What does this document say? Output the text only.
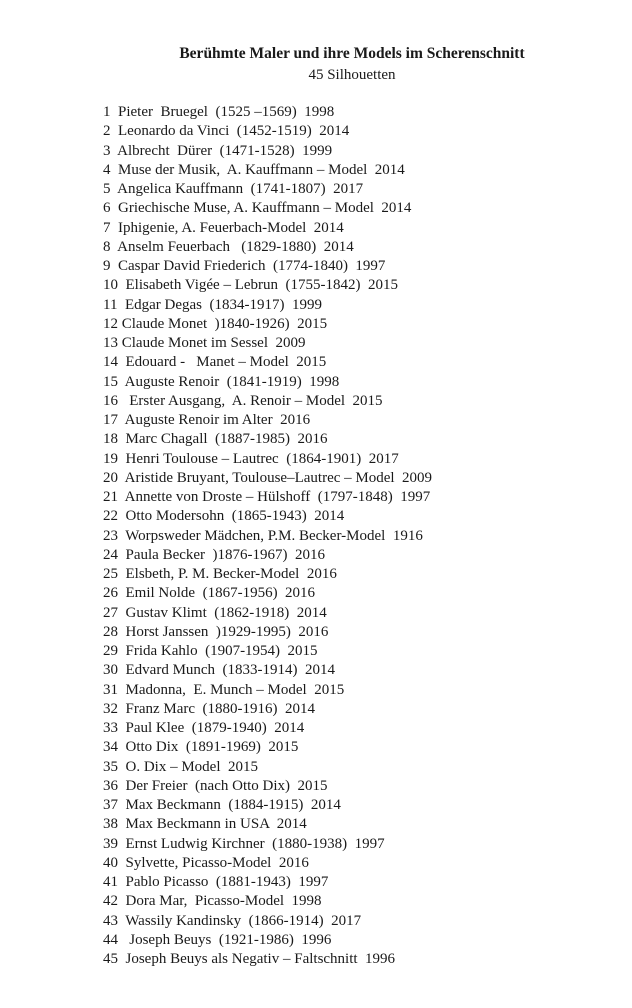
Berühmte Maler und ihre Models im Scherenschnitt
45 Silhouetten
1  Pieter  Bruegel  (1525 –1569)  1998
2  Leonardo da Vinci  (1452-1519)  2014
3  Albrecht  Dürer  (1471-1528)  1999
4  Muse der Musik,  A. Kauffmann – Model  2014
5  Angelica Kauffmann  (1741-1807)  2017
6  Griechische Muse, A. Kauffmann – Model  2014
7  Iphigenie, A. Feuerbach-Model  2014
8  Anselm Feuerbach   (1829-1880)  2014
9  Caspar David Friederich  (1774-1840)  1997
10  Elisabeth Vigée – Lebrun  (1755-1842)  2015
11  Edgar Degas  (1834-1917)  1999
12 Claude Monet  )1840-1926)  2015
13 Claude Monet im Sessel  2009
14  Edouard -   Manet – Model  2015
15  Auguste Renoir  (1841-1919)  1998
16   Erster Ausgang,  A. Renoir – Model  2015
17  Auguste Renoir im Alter  2016
18  Marc Chagall  (1887-1985)  2016
19  Henri Toulouse – Lautrec  (1864-1901)  2017
20  Aristide Bruyant, Toulouse–Lautrec – Model  2009
21  Annette von Droste – Hülshoff  (1797-1848)  1997
22  Otto Modersohn  (1865-1943)  2014
23  Worpsweder Mädchen, P.M. Becker-Model  1916
24  Paula Becker  )1876-1967)  2016
25  Elsbeth, P. M. Becker-Model  2016
26  Emil Nolde  (1867-1956)  2016
27  Gustav Klimt  (1862-1918)  2014
28  Horst Janssen  )1929-1995)  2016
29  Frida Kahlo  (1907-1954)  2015
30  Edvard Munch  (1833-1914)  2014
31  Madonna,  E. Munch – Model  2015
32  Franz Marc  (1880-1916)  2014
33  Paul Klee  (1879-1940)  2014
34  Otto Dix  (1891-1969)  2015
35  O. Dix – Model  2015
36  Der Freier  (nach Otto Dix)  2015
37  Max Beckmann  (1884-1915)  2014
38  Max Beckmann in USA  2014
39  Ernst Ludwig Kirchner  (1880-1938)  1997
40  Sylvette, Picasso-Model  2016
41  Pablo Picasso  (1881-1943)  1997
42  Dora Mar,  Picasso-Model  1998
43  Wassily Kandinsky  (1866-1914)  2017
44   Joseph Beuys  (1921-1986)  1996
45  Joseph Beuys als Negativ – Faltschnitt  1996
